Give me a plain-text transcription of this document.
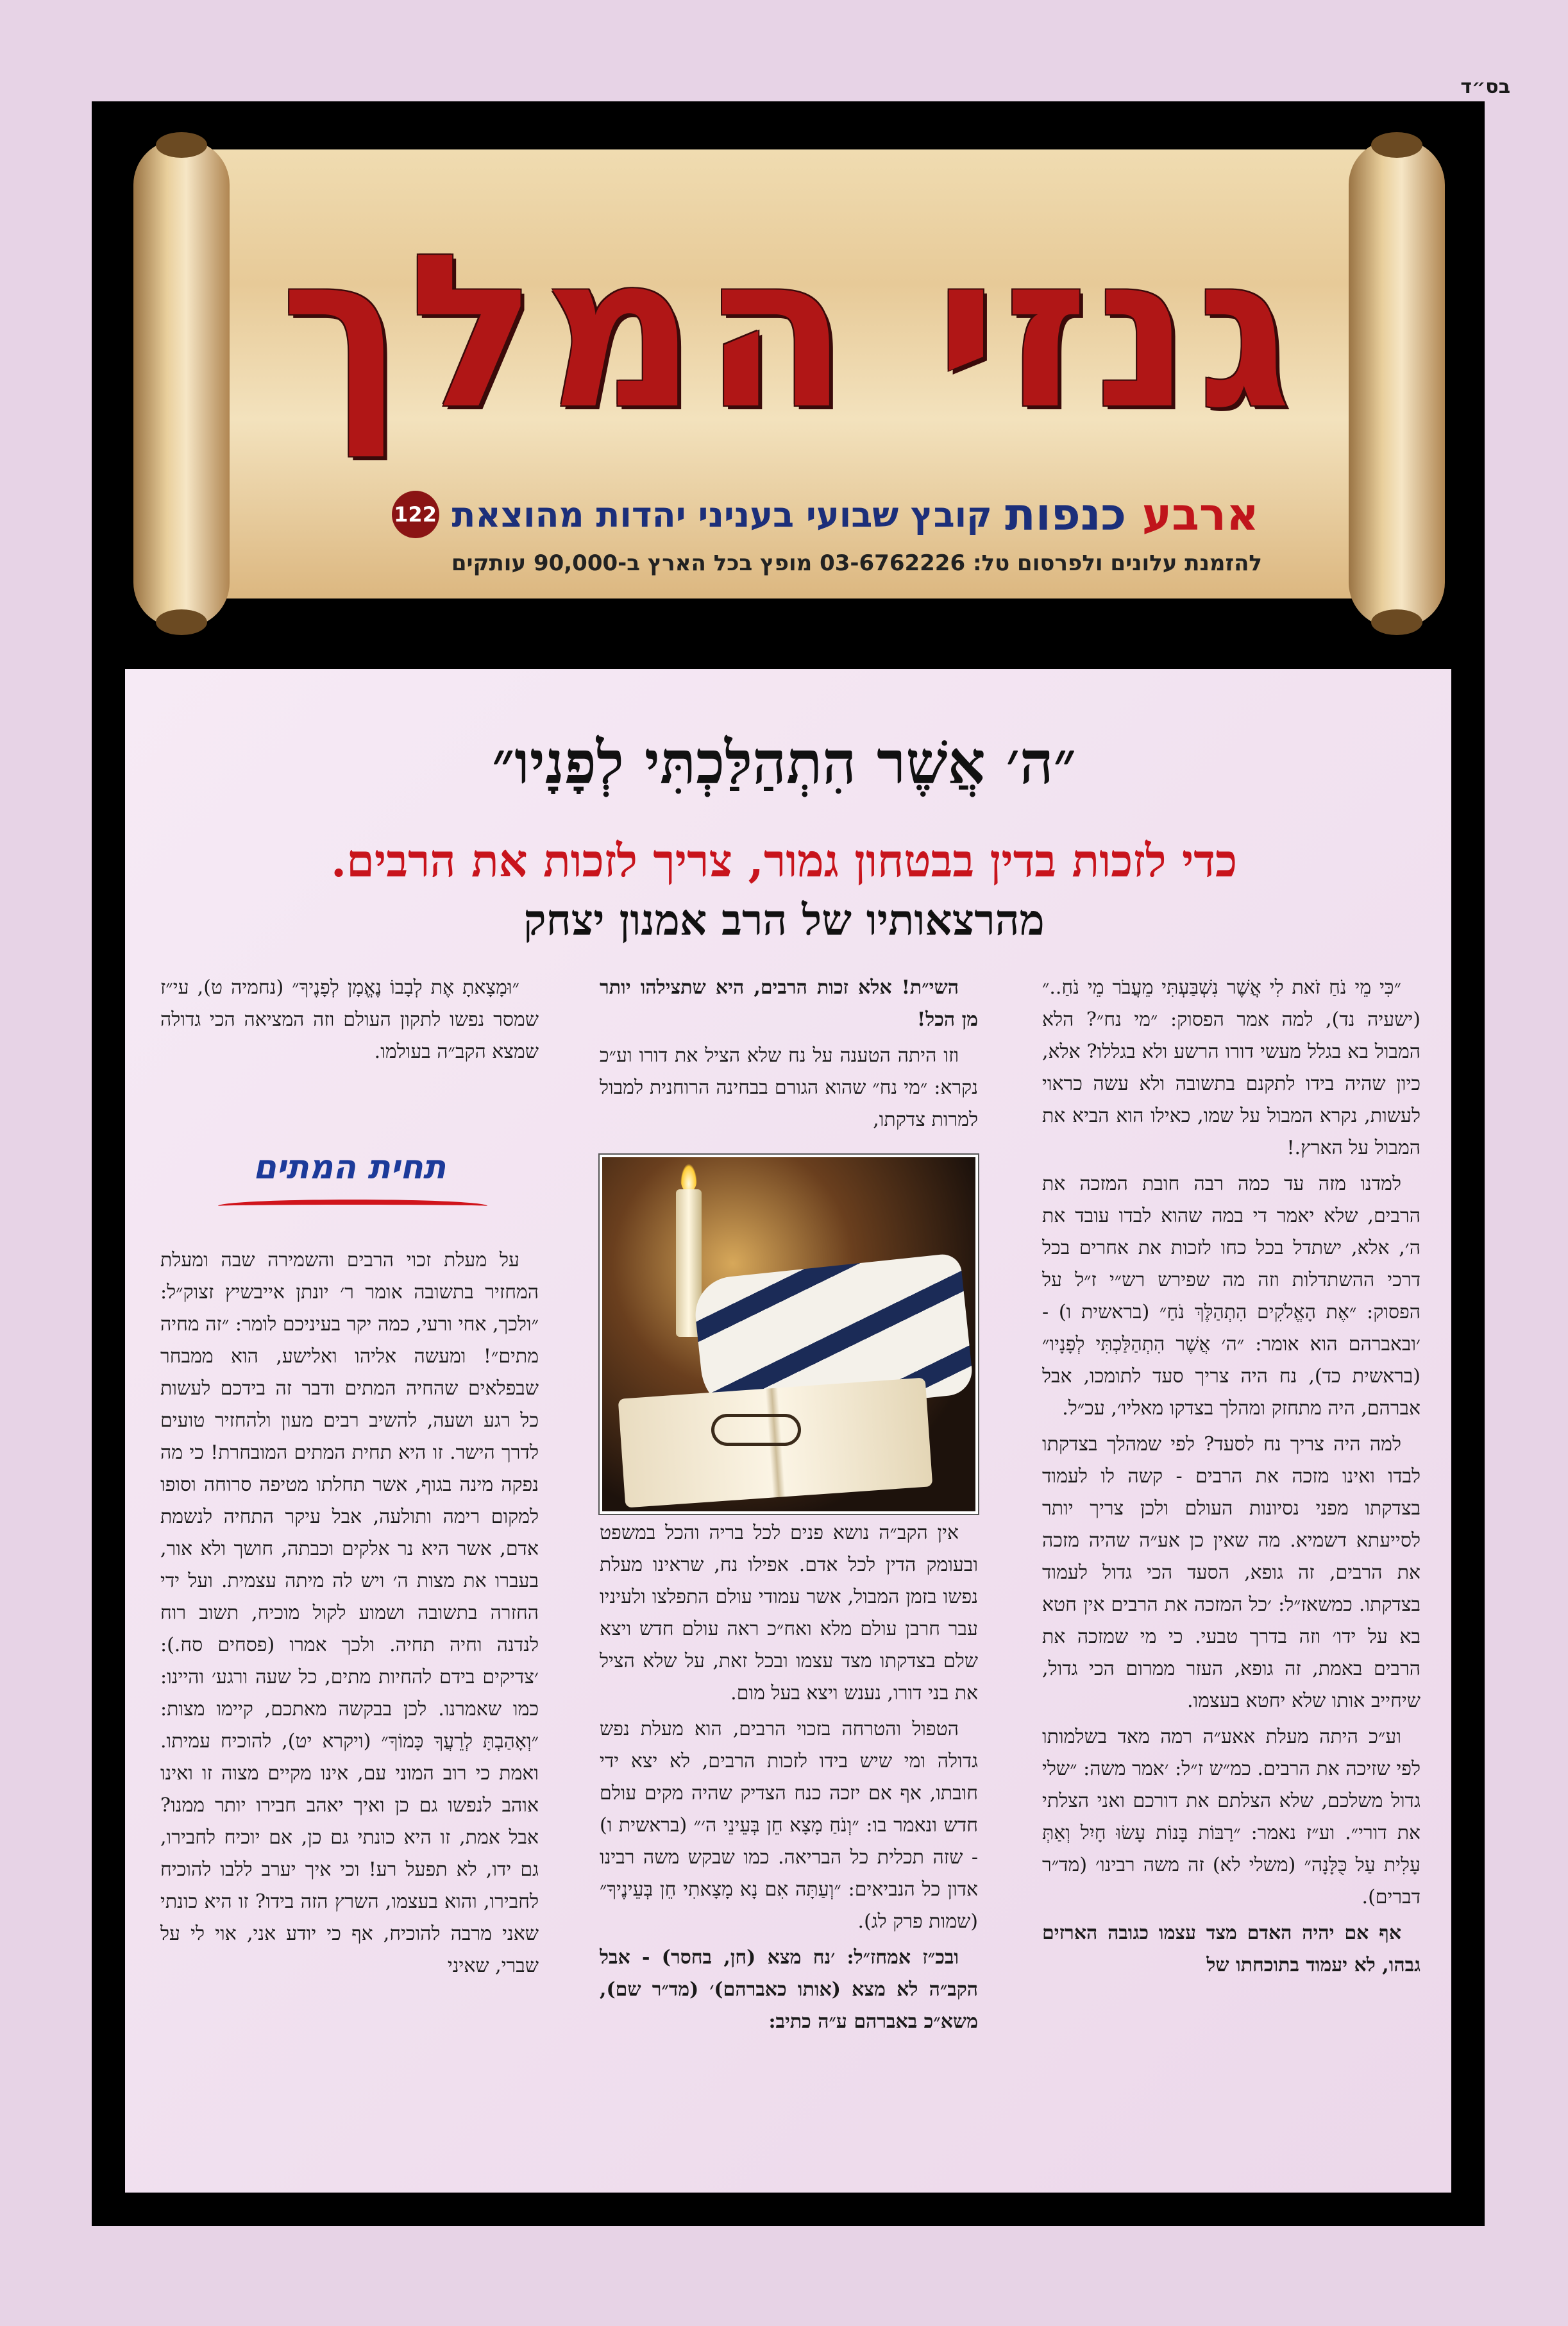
בס״ד
גנזי המלך
122 קובץ שבועי בעניני יהדות מהוצאת	ארבע כנפות
להזמנת עלונים ולפרסום טל: 03-6762226 מופץ בכל הארץ ב-90,000 עותקים
״ה׳ אֲשֶׁר הִתְהַלַּכְתִּי לְפָנָיו״
כדי לזכות בדין בבטחון גמור, צריך לזכות את הרבים.
מהרצאותיו של הרב אמנון יצחק

״כִּי מֵי נֹחַ זֹאת לִי אֲשֶׁר נִשְׁבַּעְתִּי מֵעֲבֹר מֵי נֹחַ..״ (ישעיה נד), למה אמר הפסוק: ״מי נח״? הלא המבול בא בגלל מעשי דורו הרשע ולא בגללו? אלא, כיון שהיה בידו לתקנם בתשובה ולא עשה כראוי לעשות, נקרא המבול על שמו, כאילו הוא הביא את המבול על הארץ.!

למדנו מזה עד כמה רבה חובת המזכה את הרבים, שלא יאמר די במה שהוא לבדו עובד את ה׳, אלא, ישתדל בכל כחו לזכות את אחרים בכל דרכי ההשתדלות וזה מה שפירש רש״י ז״ל על הפסוק: ״אֶת הָאֱלֹקִים הִתְהַלֶּךְ נֹחַ״ (בראשית ו) - ׳ובאברהם הוא אומר: ״ה׳ אֲשֶׁר הִתְהַלַּכְתִּי לְפָנָיו״ (בראשית כד), נח היה צריך סעד לתומכו, אבל אברהם, היה מתחזק ומהלך בצדקו מאליו׳, עכ״ל.

למה היה צריך נח לסעד? לפי שמהלך בצדקתו לבדו ואינו מזכה את הרבים - קשה לו לעמוד בצדקתו מפני נסיונות העולם ולכן צריך יותר לסייעתא דשמיא. מה שאין כן אע״ה שהיה מזכה את הרבים, זה גופא, הסעד הכי גדול לעמוד בצדקתו. כמשאז״ל: ׳כל המזכה את הרבים אין חטא בא על ידו׳ וזה בדרך טבעי. כי מי שמזכה את הרבים באמת, זה גופא, העזר ממרום הכי גדול, שיחייב אותו שלא יחטא בעצמו.

וע״כ היתה מעלת אאע״ה רמה מאד בשלמותו לפי שזיכה את הרבים. כמ״ש ז״ל: ׳אמר משה: ״שלי גדול משלכם, שלא הצלתם את דורכם ואני הצלתי את דורי״. וע״ז נאמר: ״רַבּוֹת בָּנוֹת עָשׂוּ חָיִל וְאַתְּ עָלִית עַל כֻּלָּנָה״ (משלי לא) זה משה רבינו׳ (מד״ר דברים).

אף אם יהיה האדם מצד עצמו כגובה הארזים גבהו, לא יעמוד בתוכחתו של

השי״ת! אלא זכות הרבים, היא שתצילהו יותר מן הכל!

וזו היתה הטענה על נח שלא הציל את דורו וע״כ נקרא: ״מי נח״ שהוא הגורם בבחינה הרוחנית למבול למרות צדקתו,

אין הקב״ה נושא פנים לכל בריה והכל במשפט ובעומק הדין לכל אדם. אפילו נח, שראינו מעלת נפשו בזמן המבול, אשר עמודי עולם התפלצו ולעיניו עבר חרבן עולם מלא ואח״כ ראה עולם חדש ויצא שלם בצדקתו מצד עצמו ובכל זאת, על שלא הציל את בני דורו, נענש ויצא בעל מום.

הטפול והטרחה בזכוי הרבים, הוא מעלת נפש גדולה ומי שיש בידו לזכות הרבים, לא יצא ידי חובתו, אף אם יזכה כנח הצדיק שהיה מקים עולם חדש ונאמר בו: ״וְנֹחַ מָצָא חֵן בְּעֵינֵי ה׳״ (בראשית ו) - שזה תכלית כל הבריאה. כמו שבקש משה רבינו אדון כל הנביאים: ״וְעַתָּה אִם נָא מָצָאתִי חֵן בְּעֵינֶיךָ״ (שמות פרק לג).

ובכ״ז אמחז״ל: ׳נח מצא (חן, בחסר) - אבל הקב״ה לא מצא (אותו כאברהם)׳ (מד״ר שם), משא״כ באברהם ע״ה כתיב:

״וּמָצָאתָ אֶת לְבָבוֹ נֶאֱמָן לְפָנֶיךָ״ (נחמיה ט), עי״ז שמסר נפשו לתקון העולם וזה המציאה הכי גדולה שמצא הקב״ה בעולמו.

תחית המתים

על מעלת זכוי הרבים והשמירה שבה ומעלת המחזיר בתשובה אומר ר׳ יונתן אייבשיץ זצוק״ל: ״ולכך, אחי ורעי, כמה יקר בעיניכם לומר: ״זה מחיה מתים״! ומעשה אליהו ואלישע, הוא ממבחר שבפלאים שהחיה המתים ודבר זה בידכם לעשות כל רגע ושעה, להשיב רבים מעון ולהחזיר טועים לדרך הישר. זו היא תחית המתים המובחרת! כי מה נפקה מינה בגוף, אשר תחלתו מטיפה סרוחה וסופו למקום רימה ותולעה, אבל עיקר התחיה לנשמת אדם, אשר היא נר אלקים וכבתה, חושך ולא אור, בעברו את מצות ה׳ ויש לה מיתה עצמית. ועל ידי החזרה בתשובה ושמוע לקול מוכיח, תשוב רוח לנדנה וחיה תחיה. ולכך אמרו (פסחים סח.): ׳צדיקים בידם להחיות מתים, כל שעה ורגע׳ והיינו: כמו שאמרנו. לכן בבקשה מאתכם, קיימו מצות: ״וְאָהַבְתָּ לְרֵעֲךָ כָּמוֹךָ״ (ויקרא יט), להוכיח עמיתו. ואמת כי רוב המוני עם, אינו מקיים מצוה זו ואינו אוהב לנפשו גם כן ואיך יאהב חבירו יותר ממנו? אבל אמת, זו היא כונתי גם כן, אם יוכיח לחבירו, גם ידו, לא תפעל רע! וכי איך יערב ללבו להוכיח לחבירו, והוא בעצמו, השרץ הזה בידו? זו היא כונתי שאני מרבה להוכיח, אף כי יודע אני, אוי לי על שברי, שאיני
